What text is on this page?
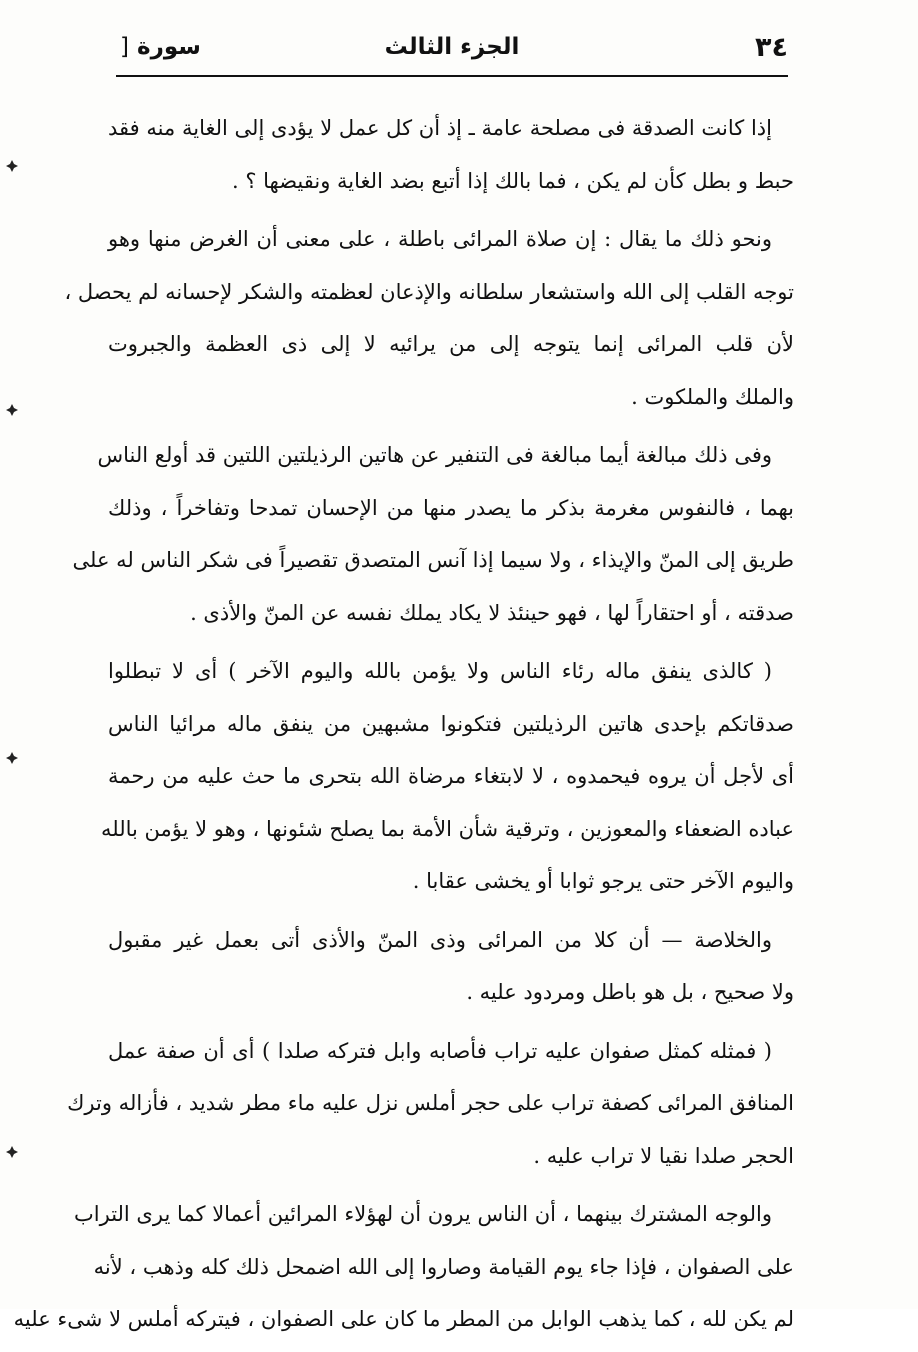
٣٤
الجزء الثالث
سورة [
إذا كانت الصدقة فى مصلحة عامة ـ إذ أن كل عمل لا يؤدى إلى الغاية منه فقد
حبط و بطل كأن لم يكن ، فما بالك إذا أتبع بضد الغاية ونقيضها ؟ .
ونحو ذلك ما يقال : إن صلاة المرائى باطلة ، على معنى أن الغرض منها وهو
توجه القلب إلى الله واستشعار سلطانه والإذعان لعظمته والشكر لإحسانه لم يحصل ،
لأن قلب المرائى إنما يتوجه إلى من يرائيه لا إلى ذى العظمة والجبروت
والملك والملكوت .
وفى ذلك مبالغة أيما مبالغة فى التنفير عن هاتين الرذيلتين اللتين قد أولع الناس
بهما ، فالنفوس مغرمة بذكر ما يصدر منها من الإحسان تمدحا وتفاخراً ، وذلك
طريق إلى المنّ والإيذاء ، ولا سيما إذا آنس المتصدق تقصيراً فى شكر الناس له على
صدقته ، أو احتقاراً لها ، فهو حينئذ لا يكاد يملك نفسه عن المنّ والأذى .
( كالذى ينفق ماله رئاء الناس ولا يؤمن بالله واليوم الآخر ) أى لا تبطلوا
صدقاتكم بإحدى هاتين الرذيلتين فتكونوا مشبهين من ينفق ماله مرائيا الناس
أى لأجل أن يروه فيحمدوه ، لا لابتغاء مرضاة الله بتحرى ما حث عليه من رحمة
عباده الضعفاء والمعوزين ، وترقية شأن الأمة بما يصلح شئونها ، وهو لا يؤمن بالله
واليوم الآخر حتى يرجو ثوابا أو يخشى عقابا .
والخلاصة — أن كلا من المرائى وذى المنّ والأذى أتى بعمل غير مقبول
ولا صحيح ، بل هو باطل ومردود عليه .
( فمثله كمثل صفوان عليه تراب فأصابه وابل فتركه صلدا ) أى أن صفة عمل
المنافق المرائى كصفة تراب على حجر أملس نزل عليه ماء مطر شديد ، فأزاله وترك
الحجر صلدا نقيا لا تراب عليه .
والوجه المشترك بينهما ، أن الناس يرون أن لهؤلاء المرائين أعمالا كما يرى التراب
على الصفوان ، فإذا جاء يوم القيامة وصاروا إلى الله اضمحل ذلك كله وذهب ، لأنه
لم يكن لله ، كما يذهب الوابل من المطر ما كان على الصفوان ، فيتركه أملس لا شىء عليه
